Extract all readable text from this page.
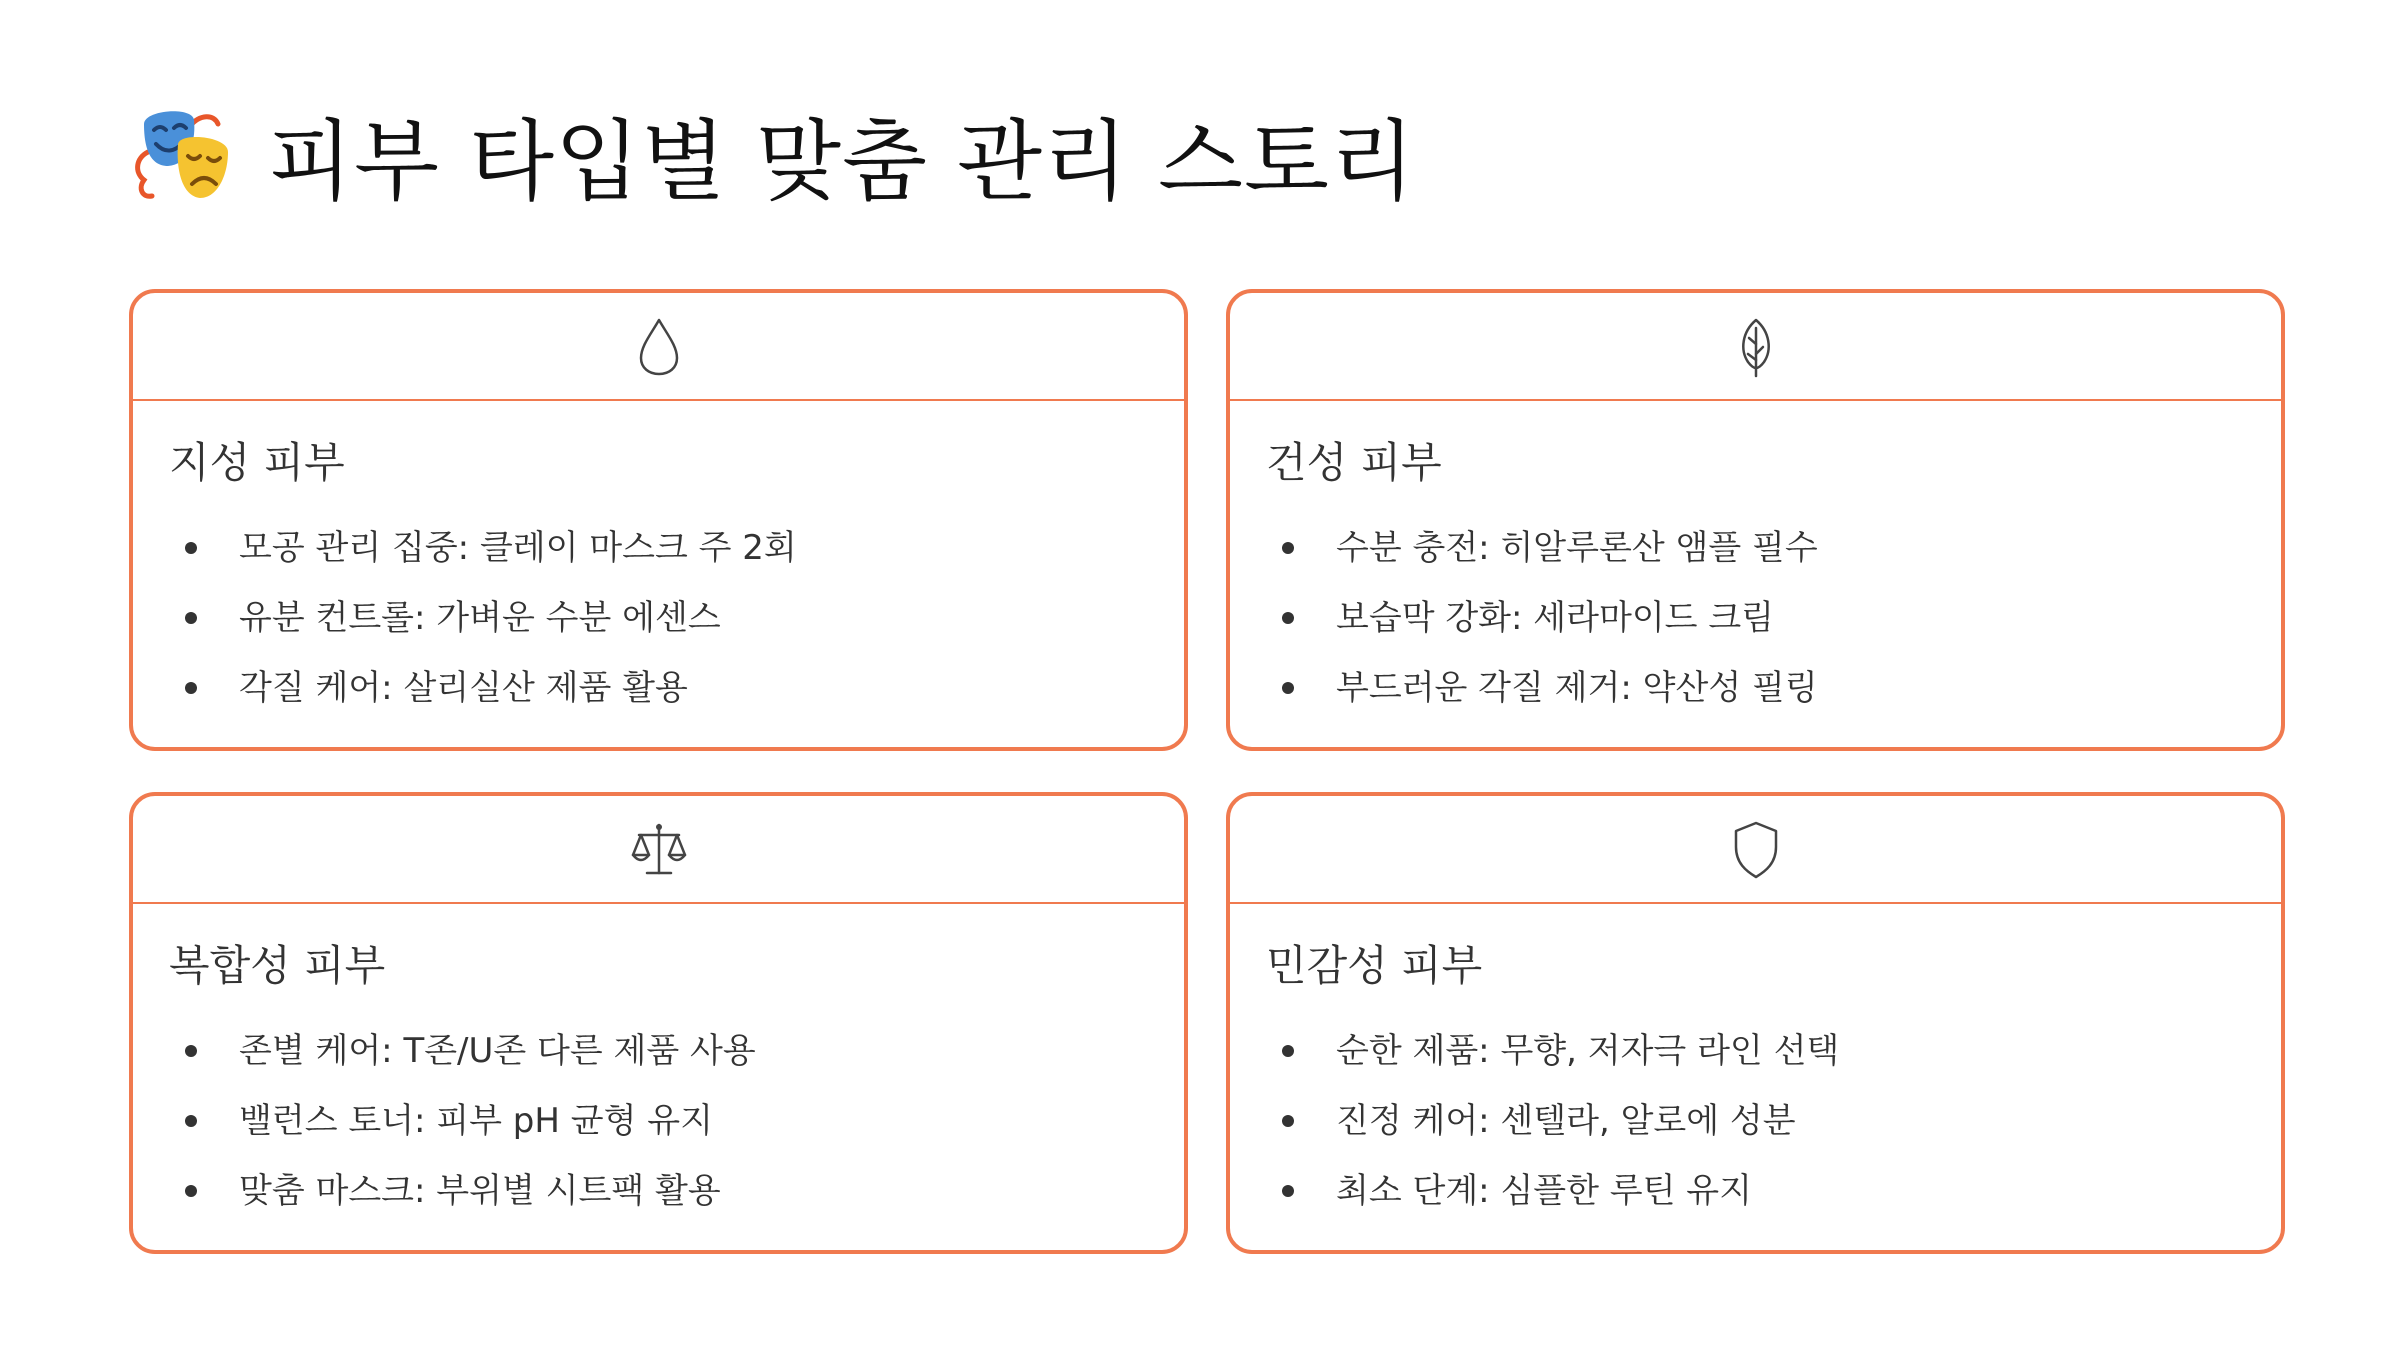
피부 타입별 맞춤 관리 스토리
지성 피부
모공 관리 집중: 클레이 마스크 주 2회
유분 컨트롤: 가벼운 수분 에센스
각질 케어: 살리실산 제품 활용
건성 피부
수분 충전: 히알루론산 앰플 필수
보습막 강화: 세라마이드 크림
부드러운 각질 제거: 약산성 필링
복합성 피부
존별 케어: T존/U존 다른 제품 사용
밸런스 토너: 피부 pH 균형 유지
맞춤 마스크: 부위별 시트팩 활용
민감성 피부
순한 제품: 무향, 저자극 라인 선택
진정 케어: 센텔라, 알로에 성분
최소 단계: 심플한 루틴 유지
